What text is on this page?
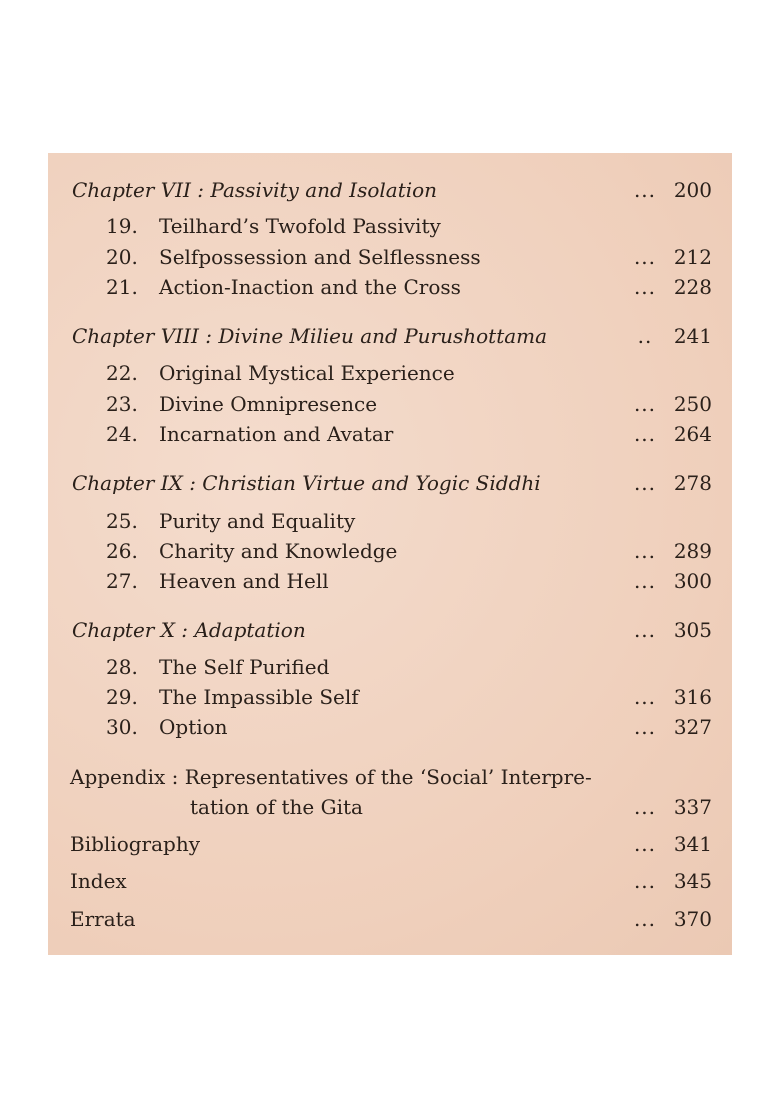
Chapter VII : Passivity and Isolation	... 200
19. Teilhard’s Twofold Passivity
20. Selfpossession and Selflessness	... 212
21. Action-Inaction and the Cross	... 228
Chapter VIII : Divine Milieu and Purushottama	..	241
22. Original Mystical Experience
23. Divine Omnipresence	... 250
24. Incarnation and Avatar	... 264
Chapter IX : Christian Virtue and Yogic Siddhi	... 278
25. Purity and Equality
26. Charity and Knowledge	... 289
27. Heaven and Hell	... 300
Chapter X : Adaptation	... 305
28. The Self Purified
29. The Impassible Self	... 316
30. Option	... 327
Appendix : Representatives of the ‘Social’ Interpre-
tation of the Gita	... 337
Bibliography	... 341
Index	... 345
Errata	... 370
